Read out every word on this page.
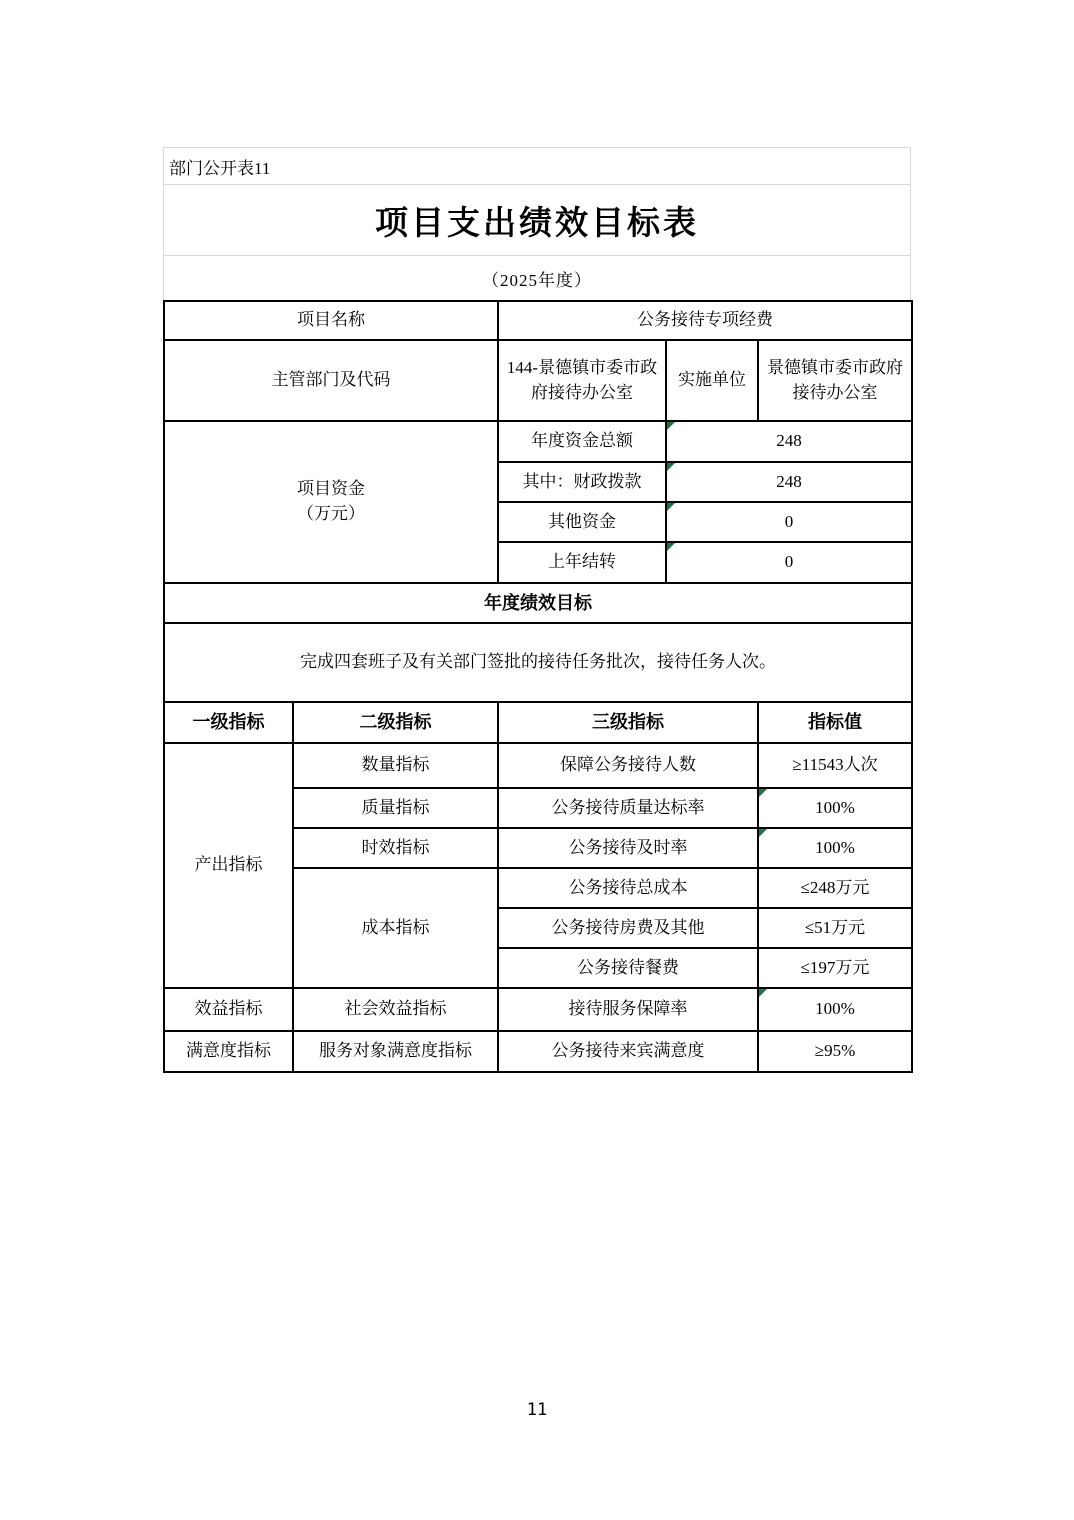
部门公开表11
项目支出绩效目标表
（2025年度）
项目名称		公务接待专项经费		
主管部门及代码		144-景德镇市委市政府接待办公室	实施单位	景德镇市委市政府接待办公室

项目资金
（万元）		年度资金总额	248	
		其中：财政拨款	248	
		其他资金	0	
		上年结转	0	
年度绩效目标				
完成四套班子及有关部门签批的接待任务批次，接待任务人次。				
一级指标	二级指标	三级指标		指标值
产出指标	数量指标	保障公务接待人数		≥11543人次
	质量指标	公务接待质量达标率		100%
	时效指标	公务接待及时率		100%
	成本指标	公务接待总成本		≤248万元
		公务接待房费及其他		≤51万元
		公务接待餐费		≤197万元
效益指标	社会效益指标	接待服务保障率		100%
满意度指标	服务对象满意度指标	公务接待来宾满意度		≥95%
11
